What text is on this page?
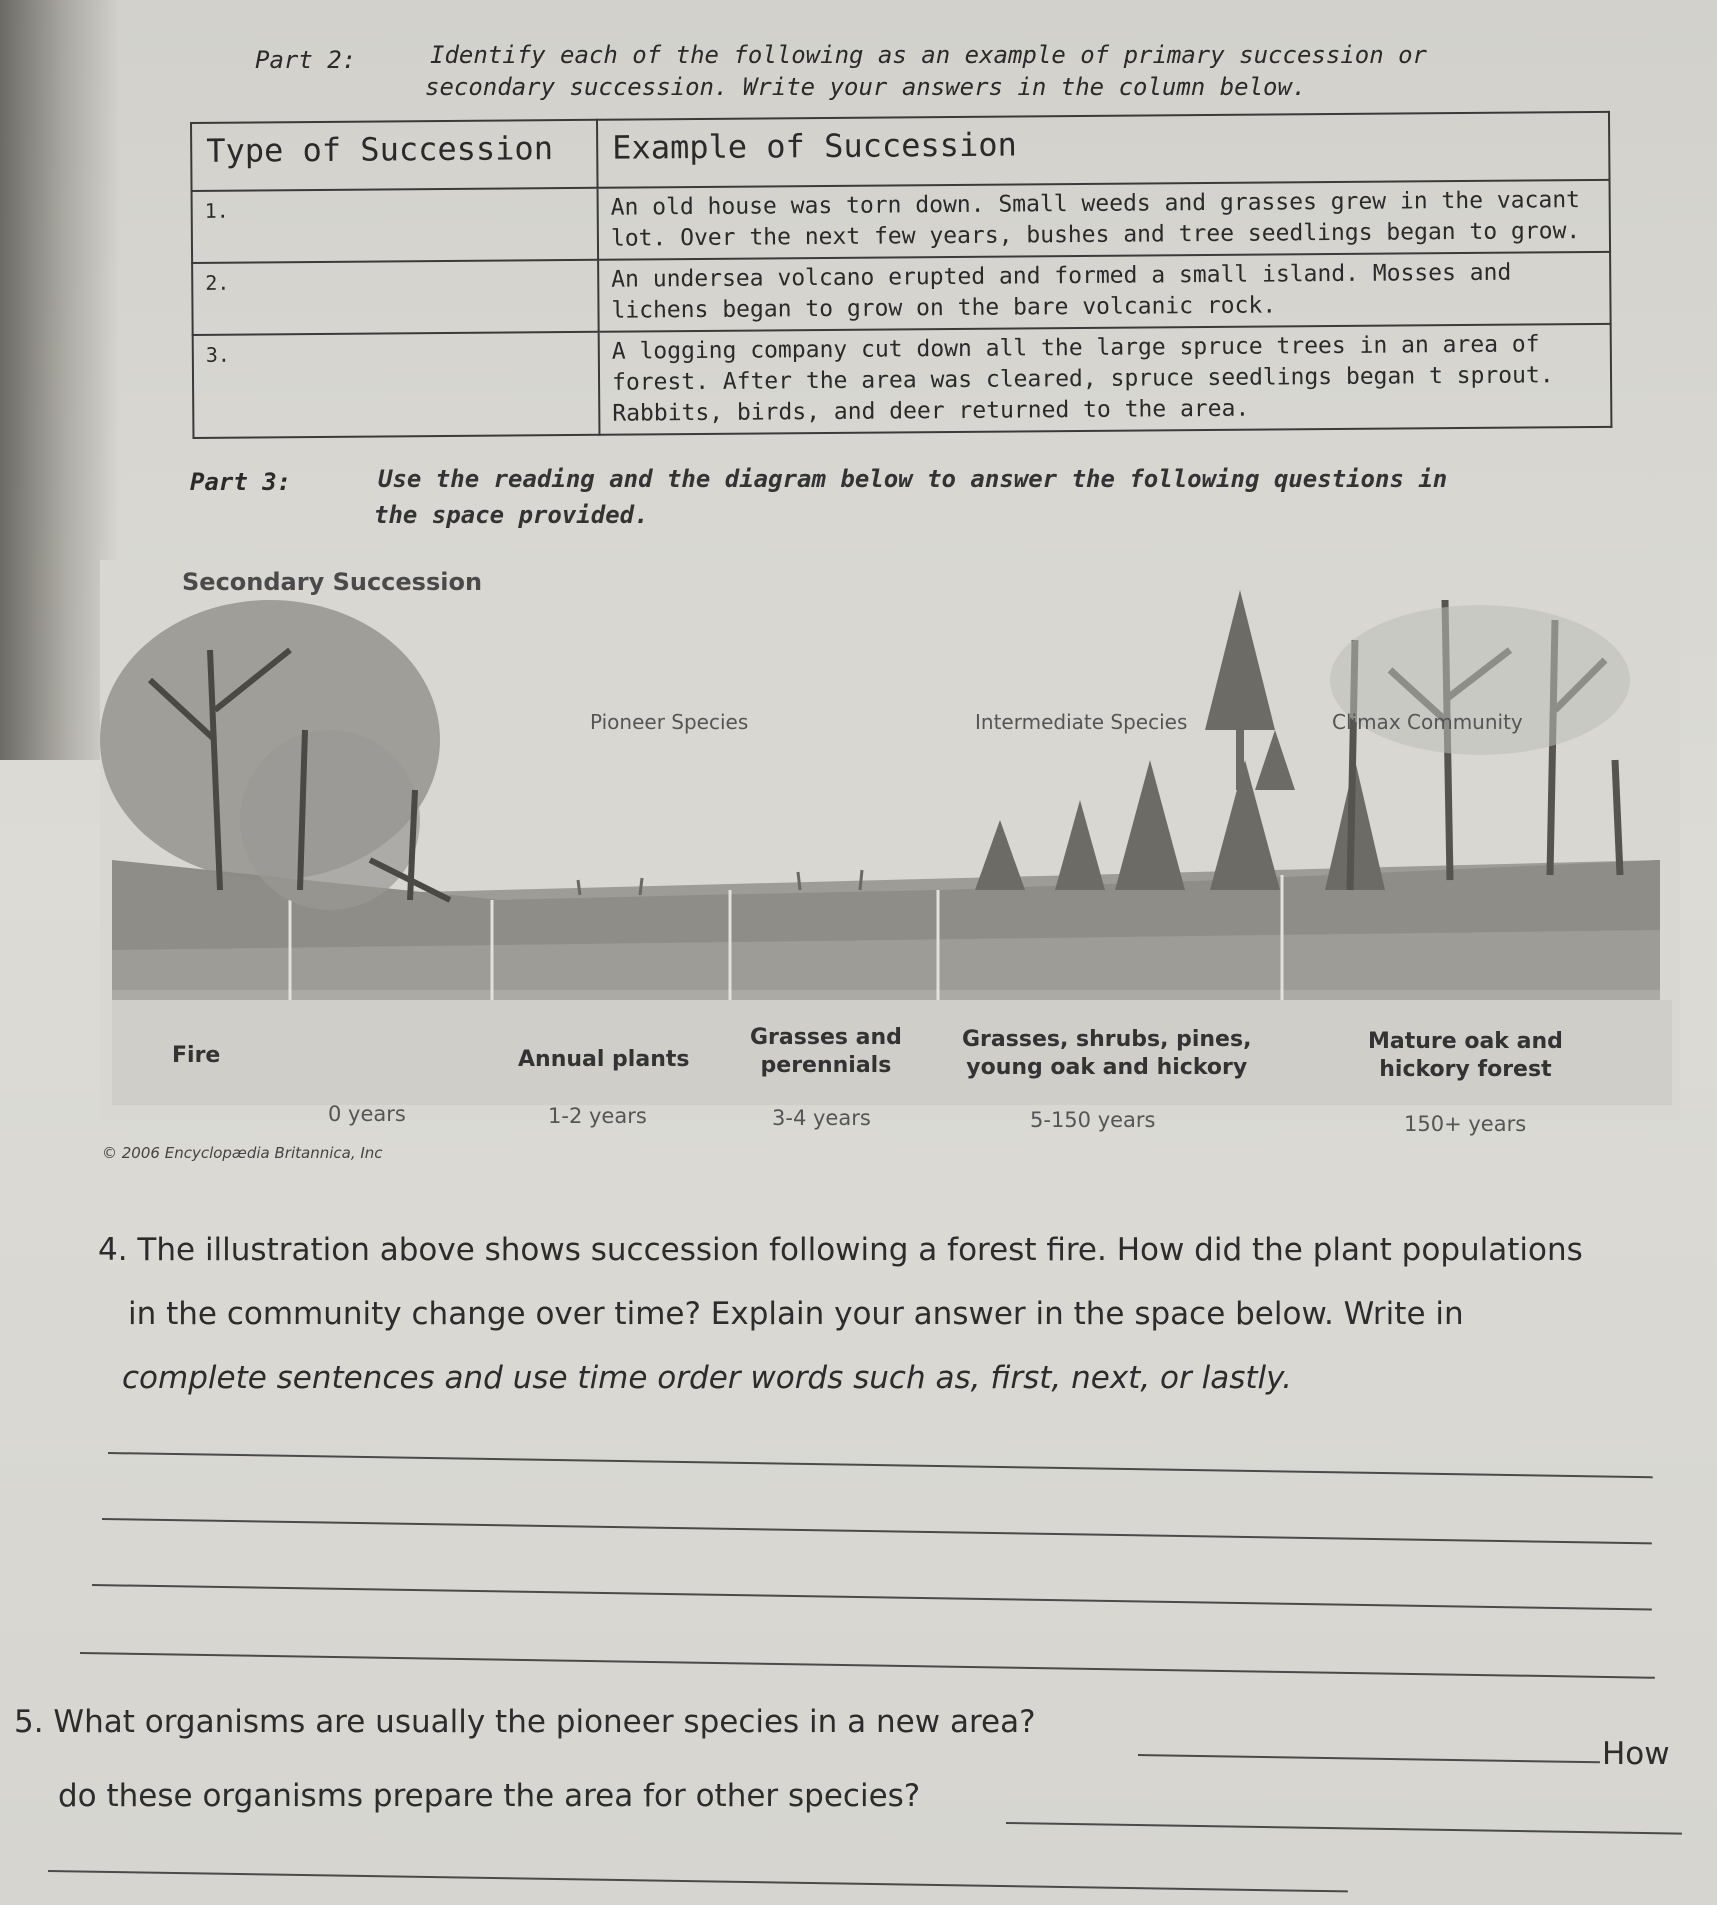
Part 2:	Identify each of the following as an example of primary succession or
secondary succession. Write your answers in the column below.
Type of Succession	Example of Succession
1.	An old house was torn down. Small weeds and grasses grew in the vacant lot. Over the next few years, bushes and tree seedlings began to grow.
2.	An undersea volcano erupted and formed a small island. Mosses and lichens began to grow on the bare volcanic rock.
3.	A logging company cut down all the large spruce trees in an area of forest. After the area was cleared, spruce seedlings began t sprout. Rabbits, birds, and deer returned to the area.
Part 3:	Use the reading and the diagram below to answer the following questions in
the space provided.
Secondary Succession
Pioneer Species	Intermediate Species	Climax Community
Fire	Annual plants
Grasses and
perennials
Grasses, shrubs, pines,
young oak and hickory
Mature oak and
hickory forest
0 years	1-2 years	3-4 years	5-150 years	150+ years
© 2006 Encyclopædia Britannica, Inc
4. The illustration above shows succession following a forest fire. How did the plant populations
in the community change over time? Explain your answer in the space below. Write in
complete sentences and use time order words such as, first, next, or lastly.
5. What organisms are usually the pioneer species in a new area?
How
do these organisms prepare the area for other species?
